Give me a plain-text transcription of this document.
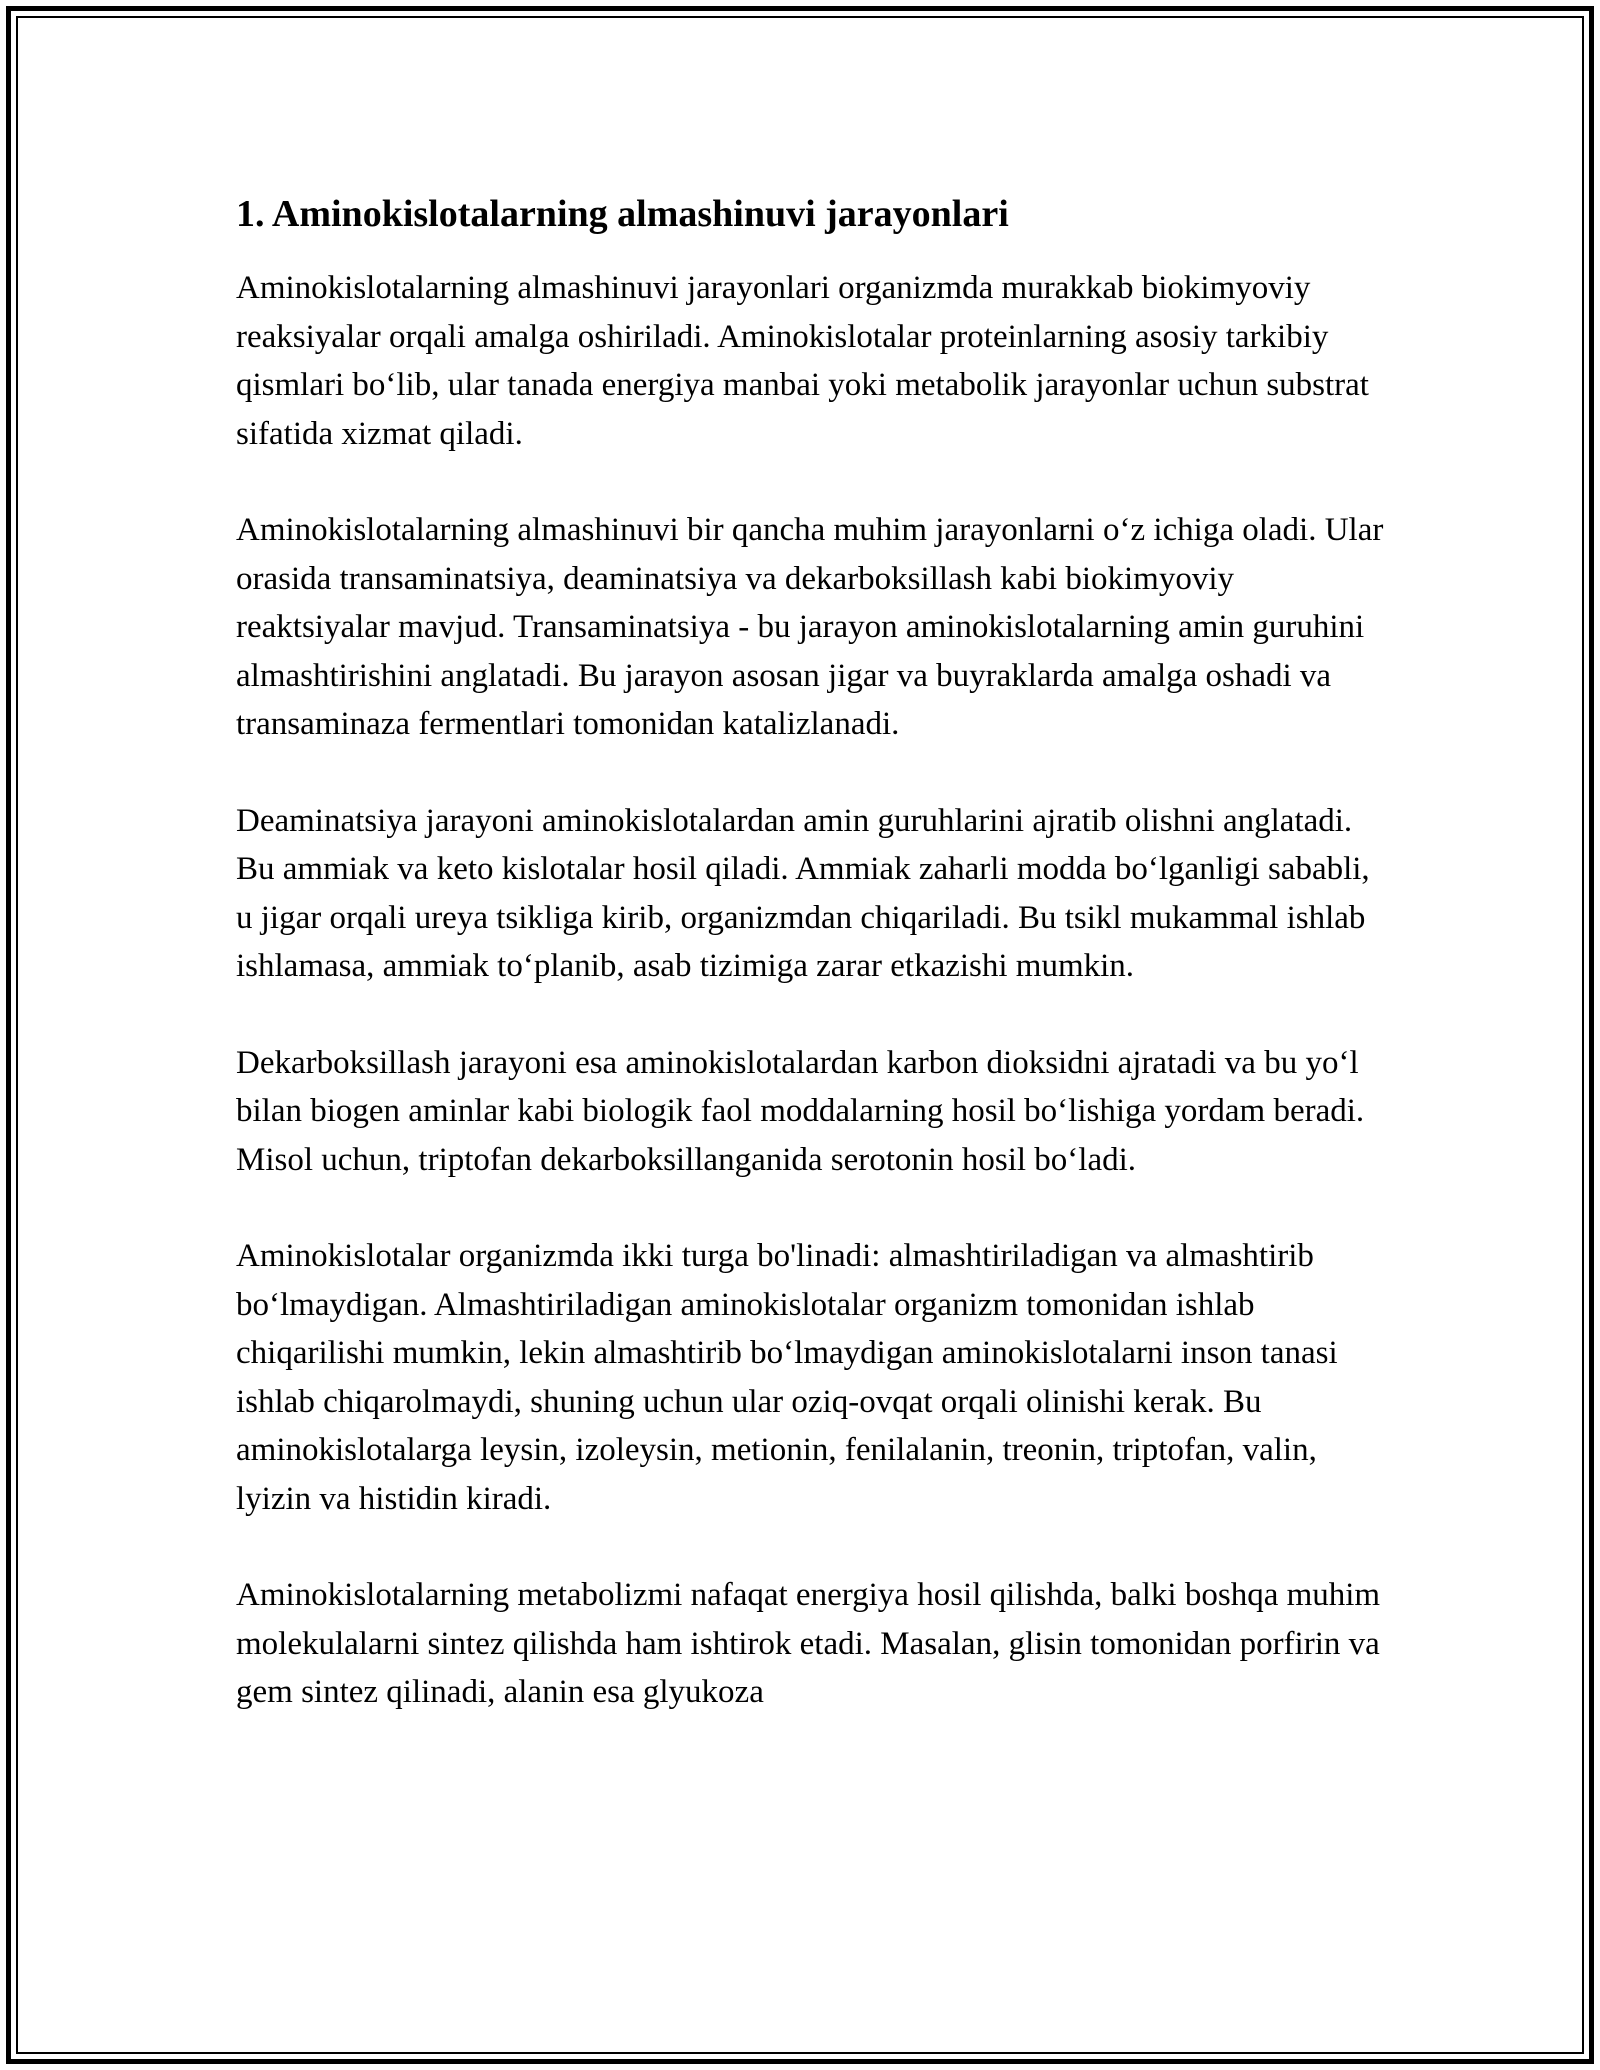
1. Aminokislotalarning almashinuvi jarayonlari

Aminokislotalarning almashinuvi jarayonlari organizmda murakkab biokimyoviy reaksiyalar orqali amalga oshiriladi. Aminokislotalar proteinlarning asosiy tarkibiy qismlari bo‘lib, ular tanada energiya manbai yoki metabolik jarayonlar uchun substrat sifatida xizmat qiladi.

Aminokislotalarning almashinuvi bir qancha muhim jarayonlarni o‘z ichiga oladi. Ular orasida transaminatsiya, deaminatsiya va dekarboksillash kabi biokimyoviy reaktsiyalar mavjud. Transaminatsiya - bu jarayon aminokislotalarning amin guruhini almashtirishini anglatadi. Bu jarayon asosan jigar va buyraklarda amalga oshadi va transaminaza fermentlari tomonidan katalizlanadi.

Deaminatsiya jarayoni aminokislotalardan amin guruhlarini ajratib olishni anglatadi. Bu ammiak va keto kislotalar hosil qiladi. Ammiak zaharli modda bo‘lganligi sababli, u jigar orqali ureya tsikliga kirib, organizmdan chiqariladi. Bu tsikl mukammal ishlab ishlamasa, ammiak to‘planib, asab tizimiga zarar etkazishi mumkin.

Dekarboksillash jarayoni esa aminokislotalardan karbon dioksidni ajratadi va bu yo‘l bilan biogen aminlar kabi biologik faol moddalarning hosil bo‘lishiga yordam beradi. Misol uchun, triptofan dekarboksillanganida serotonin hosil bo‘ladi.

Aminokislotalar organizmda ikki turga bo'linadi: almashtiriladigan va almashtirib bo‘lmaydigan. Almashtiriladigan aminokislotalar organizm tomonidan ishlab chiqarilishi mumkin, lekin almashtirib bo‘lmaydigan aminokislotalarni inson tanasi ishlab chiqarolmaydi, shuning uchun ular oziq-ovqat orqali olinishi kerak. Bu aminokislotalarga leysin, izoleysin, metionin, fenilalanin, treonin, triptofan, valin, lyizin va histidin kiradi.

Aminokislotalarning metabolizmi nafaqat energiya hosil qilishda, balki boshqa muhim molekulalarni sintez qilishda ham ishtirok etadi. Masalan, glisin tomonidan porfirin va gem sintez qilinadi, alanin esa glyukoza
